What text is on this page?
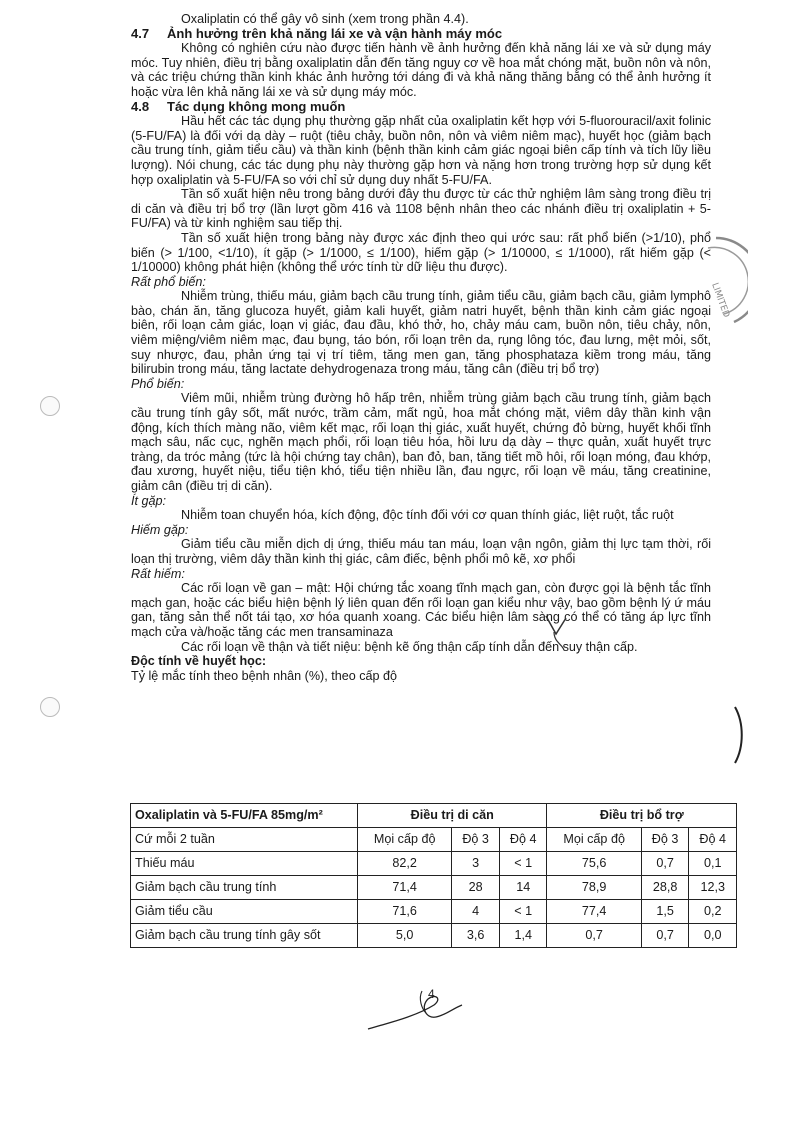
Oxaliplatin có thể gây vô sinh (xem trong phần 4.4).

4.7 Ảnh hưởng trên khả năng lái xe và vận hành máy móc

Không có nghiên cứu nào được tiến hành về ảnh hưởng đến khả năng lái xe và sử dụng máy móc. Tuy nhiên, điều trị bằng oxaliplatin dẫn đến tăng nguy cơ về hoa mắt chóng mặt, buồn nôn và nôn, và các triệu chứng thần kinh khác ảnh hưởng tới dáng đi và khả năng thăng bằng có thể ảnh hưởng ít hoặc vừa lên khả năng lái xe và sử dụng máy móc.

4.8 Tác dụng không mong muốn

Hầu hết các tác dụng phụ thường gặp nhất của oxaliplatin kết hợp với 5-fluorouracil/axit folinic (5-FU/FA) là đối với dạ dày – ruột (tiêu chảy, buồn nôn, nôn và viêm niêm mạc), huyết học (giảm bạch cầu trung tính, giảm tiểu cầu) và thần kinh (bệnh thần kinh cảm giác ngoại biên cấp tính và tích lũy liều lượng). Nói chung, các tác dụng phụ này thường gặp hơn và nặng hơn trong trường hợp sử dụng kết hợp oxaliplatin và 5-FU/FA so với chỉ sử dụng duy nhất 5-FU/FA.

Tần số xuất hiện nêu trong bảng dưới đây thu được từ các thử nghiệm lâm sàng trong điều trị di căn và điều trị bổ trợ (lần lượt gồm 416 và 1108 bệnh nhân theo các nhánh điều trị oxaliplatin + 5-FU/FA) và từ kinh nghiệm sau tiếp thị.

Tần số xuất hiện trong bảng này được xác định theo qui ước sau: rất phổ biến (>1/10), phổ biến (> 1/100, <1/10), ít gặp (> 1/1000, ≤ 1/100), hiếm gặp (> 1/10000, ≤ 1/1000), rất hiếm gặp (< 1/10000) không phát hiện (không thể ước tính từ dữ liệu thu được).

Rất phổ biến:

Nhiễm trùng, thiếu máu, giảm bạch cầu trung tính, giảm tiểu cầu, giảm bạch cầu, giảm lymphô bào, chán ăn, tăng glucoza huyết, giảm kali huyết, giảm natri huyết, bệnh thần kinh cảm giác ngoại biên, rối loạn cảm giác, loạn vị giác, đau đầu, khó thở, ho, chảy máu cam, buồn nôn, tiêu chảy, nôn, viêm miệng/viêm niêm mạc, đau bụng, táo bón, rối loạn trên da, rụng lông tóc, đau lưng, mệt mỏi, sốt, suy nhược, đau, phản ứng tại vị trí tiêm, tăng men gan, tăng phosphataza kiềm trong máu, tăng bilirubin trong máu, tăng lactate dehydrogenaza trong máu, tăng cân (điều trị bổ trợ)

Phổ biến:

Viêm mũi, nhiễm trùng đường hô hấp trên, nhiễm trùng giảm bạch cầu trung tính, giảm bạch cầu trung tính gây sốt, mất nước, trầm cảm, mất ngủ, hoa mắt chóng mặt, viêm dây thần kinh vận động, kích thích màng não, viêm kết mạc, rối loạn thị giác, xuất huyết, chứng đỏ bừng, huyết khối tĩnh mạch sâu, nấc cục, nghẽn mạch phổi, rối loạn tiêu hóa, hồi lưu dạ dày – thực quản, xuất huyết trực tràng, da tróc mảng (tức là hội chứng tay chân), ban đỏ, ban, tăng tiết mồ hôi, rối loạn móng, đau khớp, đau xương, huyết niệu, tiểu tiện khó, tiểu tiện nhiều lần, đau ngực, rối loạn về máu, tăng creatinine, giảm cân (điều trị di căn).

Ít gặp:

Nhiễm toan chuyển hóa, kích động, độc tính đối với cơ quan thính giác, liệt ruột, tắc ruột

Hiếm gặp:

Giảm tiểu cầu miễn dịch dị ứng, thiếu máu tan máu, loạn vận ngôn, giảm thị lực tạm thời, rối loạn thị trường, viêm dây thần kinh thị giác, câm điếc, bệnh phổi mô kẽ, xơ phổi

Rất hiếm:

Các rối loạn về gan – mật: Hội chứng tắc xoang tĩnh mạch gan, còn được gọi là bệnh tắc tĩnh mạch gan, hoặc các biểu hiện bệnh lý liên quan đến rối loạn gan kiểu như vậy, bao gồm bệnh lý ứ máu gan, tăng sản thể nốt tái tạo, xơ hóa quanh xoang. Các biểu hiện lâm sàng có thể có tăng áp lực tĩnh mạch cửa và/hoặc tăng các men transaminaza

Các rối loạn về thận và tiết niệu: bệnh kẽ ống thận cấp tính dẫn đến suy thận cấp.

Độc tính về huyết học:

Tỷ lệ mắc tính theo bệnh nhân (%), theo cấp độ

Oxaliplatin và 5-FU/FA 85mg/m²	Điều trị di căn			Điều trị bổ trợ		
Cứ mỗi 2 tuần	Mọi cấp độ	Độ 3	Độ 4	Mọi cấp độ	Độ 3	Độ 4
Thiếu máu	82,2	3	< 1	75,6	0,7	0,1
Giảm bạch cầu trung tính	71,4	28	14	78,9	28,8	12,3
Giảm tiểu cầu	71,6	4	< 1	77,4	1,5	0,2
Giảm bạch cầu trung tính gây sốt	5,0	3,6	1,4	0,7	0,7	0,0
LIMITED
4
